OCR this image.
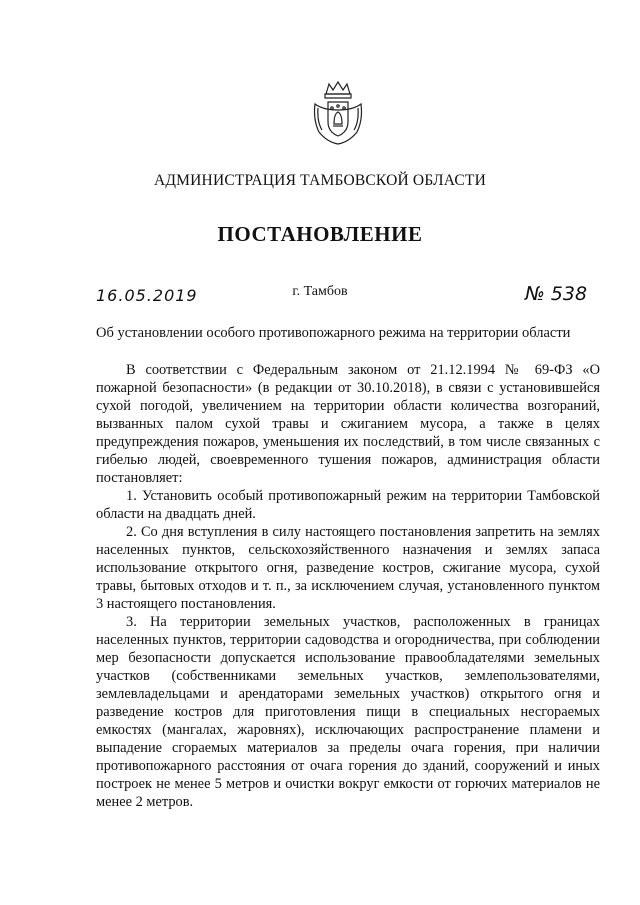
АДМИНИСТРАЦИЯ ТАМБОВСКОЙ ОБЛАСТИ
ПОСТАНОВЛЕНИЕ
16.05.2019	г. Тамбов	№ 538
Об установлении особого противопожарного режима на территории области

В соответствии с Федеральным законом от 21.12.1994 № 69-ФЗ «О пожарной безопасности» (в редакции от 30.10.2018), в связи с установившейся сухой погодой, увеличением на территории области количества возгораний, вызванных палом сухой травы и сжиганием мусора, а также в целях предупреждения пожаров, уменьшения их последствий, в том числе связанных с гибелью людей, своевременного тушения пожаров, администрация области постановляет:

1. Установить особый противопожарный режим на территории Тамбовской области на двадцать дней.

2. Со дня вступления в силу настоящего постановления запретить на землях населенных пунктов, сельскохозяйственного назначения и землях запаса использование открытого огня, разведение костров, сжигание мусора, сухой травы, бытовых отходов и т. п., за исключением случая, установленного пунктом 3 настоящего постановления.

3. На территории земельных участков, расположенных в границах населенных пунктов, территории садоводства и огородничества, при соблюдении мер безопасности допускается использование правообладателями земельных участков (собственниками земельных участков, землепользователями, землевладельцами и арендаторами земельных участков) открытого огня и разведение костров для приготовления пищи в специальных несгораемых емкостях (мангалах, жаровнях), исключающих распространение пламени и выпадение сгораемых материалов за пределы очага горения, при наличии противопожарного расстояния от очага горения до зданий, сооружений и иных построек не менее 5 метров и очистки вокруг емкости от горючих материалов не менее 2 метров.
